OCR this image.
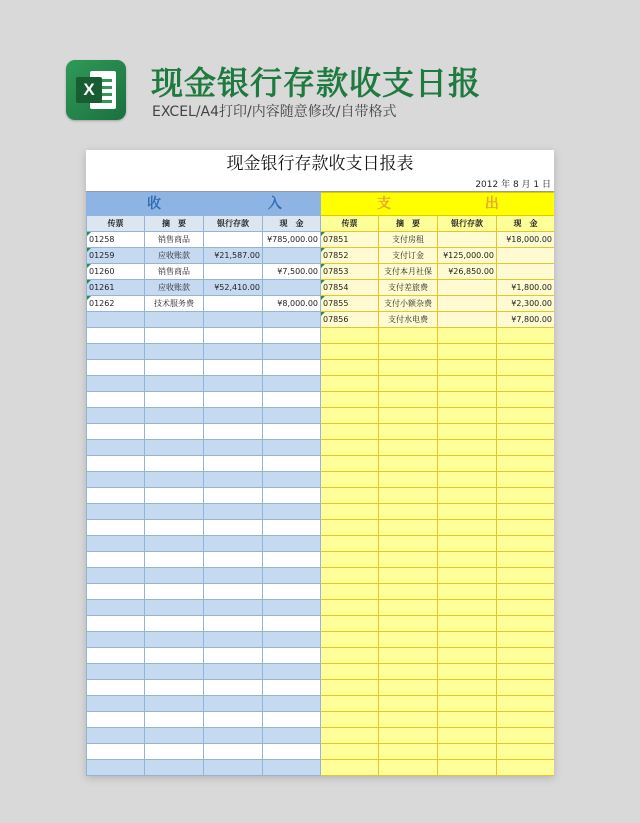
X 现金银行存款收支日报
EXCEL/A4打印/内容随意修改/自带格式
现金银行存款收支日报表
2012 年 8 月 1 日
收 入				支 出			
传票	摘　要	银行存款	现　金	传票	摘　要	银行存款	现　金
01258	销售商品		¥785,000.00	07851	支付房租		¥18,000.00
01259	应收账款	¥21,587.00		07852	支付订金	¥125,000.00	
01260	销售商品		¥7,500.00	07853	支付本月社保	¥26,850.00	
01261	应收账款	¥52,410.00		07854	支付差旅费		¥1,800.00
01262	技术服务费		¥8,000.00	07855	支付小额杂费		¥2,300.00
				07856	支付水电费		¥7,800.00
